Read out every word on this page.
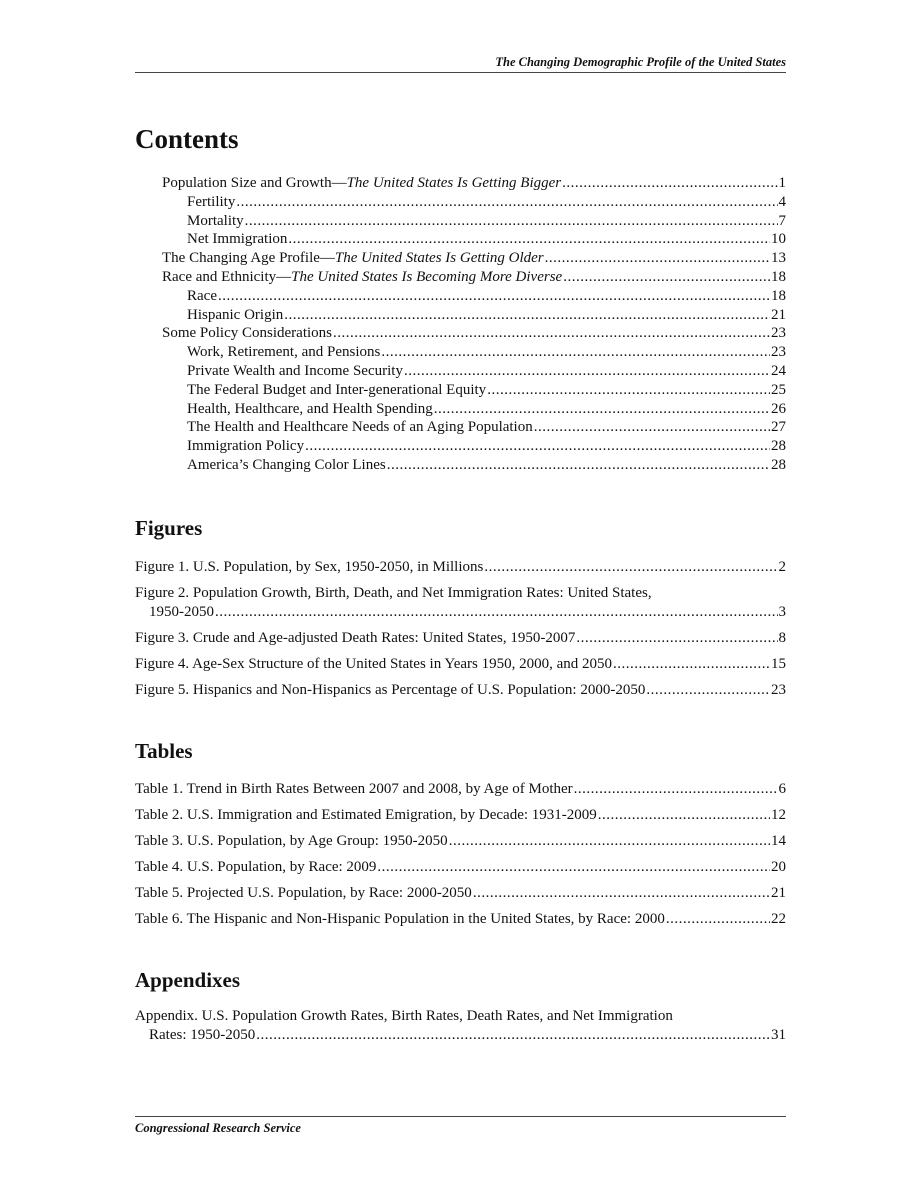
The Changing Demographic Profile of the United States
Contents
Population Size and Growth—The United States Is Getting Bigger .....	1
Fertility .....	4
Mortality .....	7
Net Immigration .....	10
The Changing Age Profile—The United States Is Getting Older .....	13
Race and Ethnicity—The United States Is Becoming More Diverse .....	18
Race .....	18
Hispanic Origin .....	21
Some Policy Considerations .....	23
Work, Retirement, and Pensions .....	23
Private Wealth and Income Security .....	24
The Federal Budget and Inter-generational Equity .....	25
Health, Healthcare, and Health Spending .....	26
The Health and Healthcare Needs of an Aging Population .....	27
Immigration Policy .....	28
America’s Changing Color Lines .....	28
Figures
Figure 1. U.S. Population, by Sex, 1950-2050, in Millions .....	2
Figure 2. Population Growth, Birth, Death, and Net Immigration Rates: United States,
1950-2050 .....	3
Figure 3. Crude and Age-adjusted Death Rates: United States, 1950-2007 .....	8
Figure 4. Age-Sex Structure of the United States in Years 1950, 2000, and 2050 .....	15
Figure 5. Hispanics and Non-Hispanics as Percentage of U.S. Population: 2000-2050 .....	23
Tables
Table 1. Trend in Birth Rates Between 2007 and 2008, by Age of Mother .....	6
Table 2. U.S. Immigration and Estimated Emigration, by Decade: 1931-2009 .....	12
Table 3. U.S. Population, by Age Group: 1950-2050 .....	14
Table 4. U.S. Population, by Race: 2009 .....	20
Table 5. Projected U.S. Population, by Race: 2000-2050 .....	21
Table 6. The Hispanic and Non-Hispanic Population in the United States, by Race: 2000 .....	22
Appendixes
Appendix. U.S. Population Growth Rates, Birth Rates, Death Rates, and Net Immigration
Rates: 1950-2050 .....	31
Congressional Research Service
